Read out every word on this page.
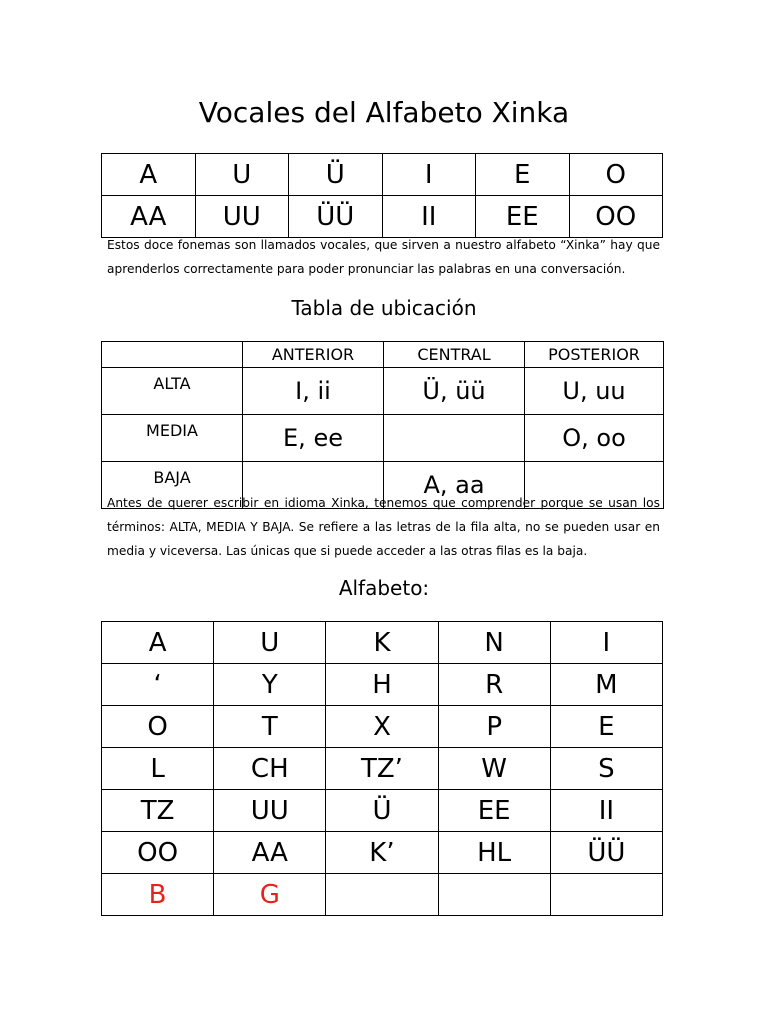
Vocales del Alfabeto Xinka
A	U	Ü	I	E	O
AA	UU	ÜÜ	II	EE	OO
Estos doce fonemas son llamados vocales, que sirven a nuestro alfabeto “Xinka” hay que
aprenderlos correctamente para poder pronunciar las palabras en una conversación.
Tabla de ubicación
	ANTERIOR	CENTRAL	POSTERIOR
ALTA	I, ii	Ü, üü	U, uu
MEDIA	E, ee		O, oo
BAJA		A, aa	
Antes de querer escribir en idioma Xinka, tenemos que comprender porque se usan los
términos: ALTA, MEDIA Y BAJA. Se refiere a las letras de la fila alta, no se pueden usar en
media y viceversa. Las únicas que si puede acceder a las otras filas es la baja.
Alfabeto:
A	U	K	N	I
‘	Y	H	R	M
O	T	X	P	E
L	CH	TZ’	W	S
TZ	UU	Ü	EE	II
OO	AA	K’	HL	ÜÜ
B	G			
